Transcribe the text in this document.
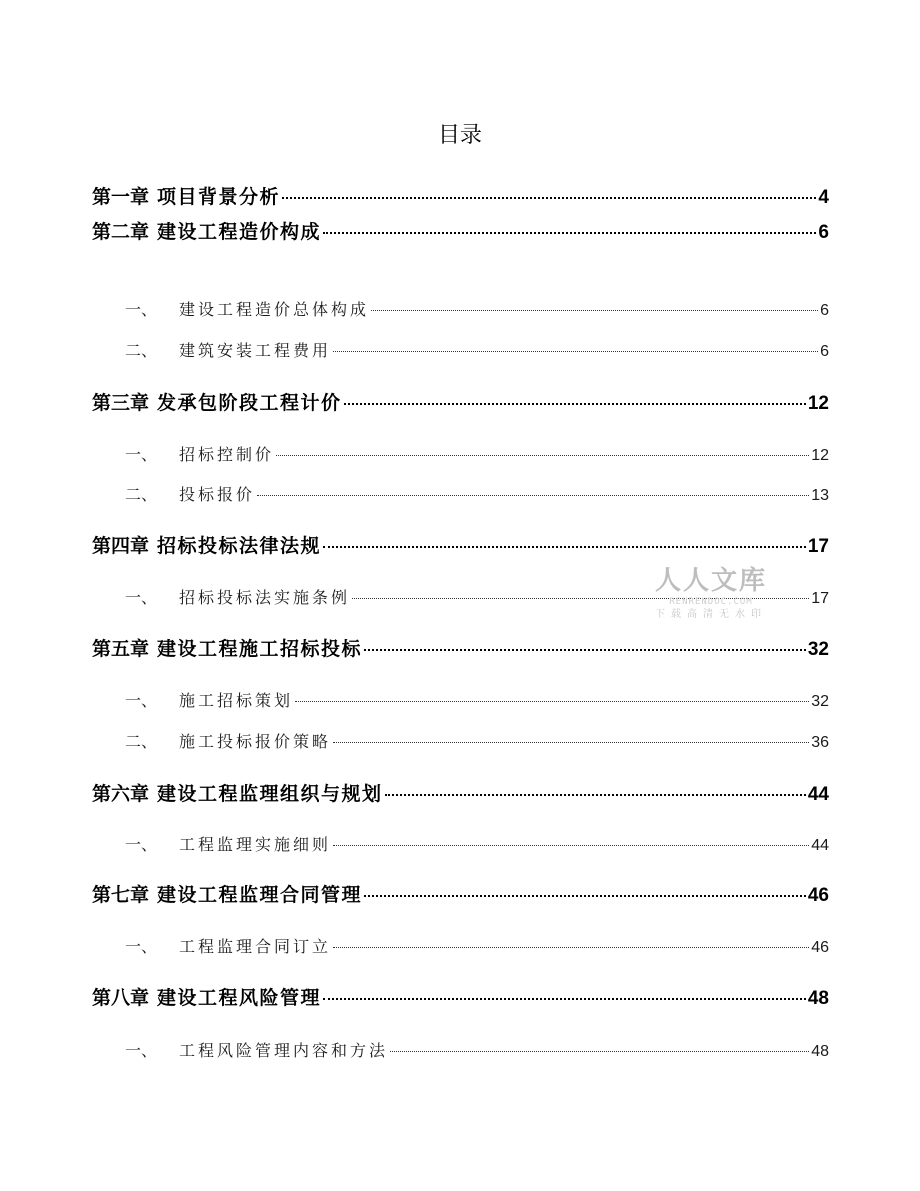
目录
第一章 项目背景分析	4
第二章 建设工程造价构成	6
一、 建设工程造价总体构成	6
二、 建筑安装工程费用	6
第三章 发承包阶段工程计价	12
一、 招标控制价	12
二、 投标报价	13
第四章 招标投标法律法规	17
一、 招标投标法实施条例	17
第五章 建设工程施工招标投标	32
一、 施工招标策划	32
二、 施工投标报价策略	36
第六章 建设工程监理组织与规划	44
一、 工程监理实施细则	44
第七章 建设工程监理合同管理	46
一、 工程监理合同订立	46
第八章 建设工程风险管理	48
一、 工程风险管理内容和方法	48
人人文库
RENRENDOC.COM
下载高清无水印
